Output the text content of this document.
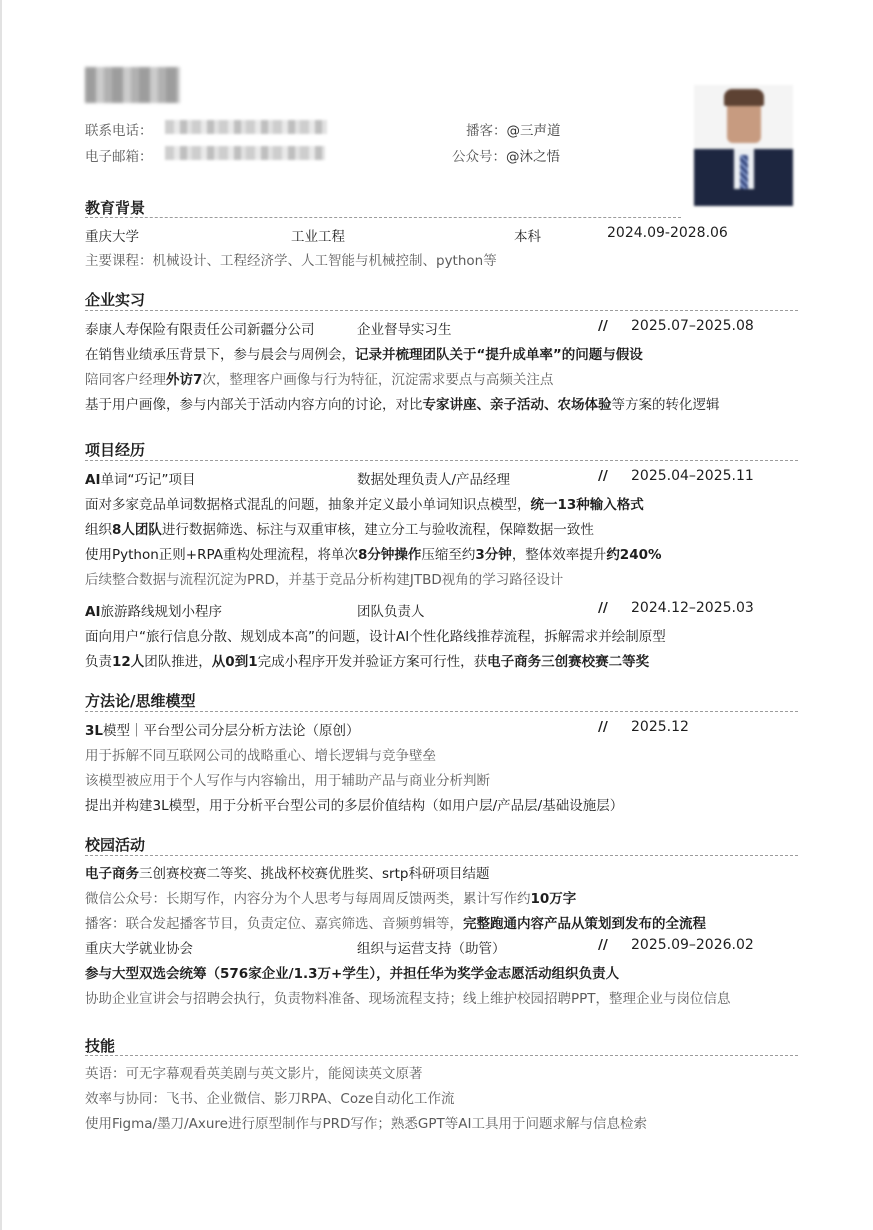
联系电话：
电子邮箱：
播客：@三声道
公众号：@沐之悟
教育背景
重庆大学	工业工程	本科	2024.09-2028.06
主要课程：机械设计、工程经济学、人工智能与机械控制、python等
企业实习
泰康人寿保险有限责任公司新疆分公司	企业督导实习生	// 2025.07–2025.08
在销售业绩承压背景下，参与晨会与周例会，记录并梳理团队关于“提升成单率”的问题与假设
陪同客户经理外访7次，整理客户画像与行为特征，沉淀需求要点与高频关注点
基于用户画像，参与内部关于活动内容方向的讨论，对比专家讲座、亲子活动、农场体验等方案的转化逻辑
项目经历
AI单词“巧记”项目	数据处理负责人/产品经理	// 2025.04–2025.11
面对多家竞品单词数据格式混乱的问题，抽象并定义最小单词知识点模型，统一13种输入格式
组织8人团队进行数据筛选、标注与双重审核，建立分工与验收流程，保障数据一致性
使用Python正则+RPA重构处理流程，将单次8分钟操作压缩至约3分钟，整体效率提升约240%
后续整合数据与流程沉淀为PRD，并基于竞品分析构建JTBD视角的学习路径设计
AI旅游路线规划小程序	团队负责人	// 2024.12–2025.03
面向用户“旅行信息分散、规划成本高”的问题，设计AI个性化路线推荐流程，拆解需求并绘制原型
负责12人团队推进，从0到1完成小程序开发并验证方案可行性，获电子商务三创赛校赛二等奖
方法论/思维模型
3L模型｜平台型公司分层分析方法论（原创）	// 2025.12
用于拆解不同互联网公司的战略重心、增长逻辑与竞争壁垒
该模型被应用于个人写作与内容输出，用于辅助产品与商业分析判断
提出并构建3L模型，用于分析平台型公司的多层价值结构（如用户层/产品层/基础设施层）
校园活动
电子商务三创赛校赛二等奖、挑战杯校赛优胜奖、srtp科研项目结题
微信公众号：长期写作，内容分为个人思考与每周周反馈两类，累计写作约10万字
播客：联合发起播客节目，负责定位、嘉宾筛选、音频剪辑等，完整跑通内容产品从策划到发布的全流程
重庆大学就业协会	组织与运营支持（助管）	// 2025.09–2026.02
参与大型双选会统筹（576家企业/1.3万+学生），并担任华为奖学金志愿活动组织负责人
协助企业宣讲会与招聘会执行，负责物料准备、现场流程支持；线上维护校园招聘PPT，整理企业与岗位信息
技能
英语：可无字幕观看英美剧与英文影片，能阅读英文原著
效率与协同：飞书、企业微信、影刀RPA、Coze自动化工作流
使用Figma/墨刀/Axure进行原型制作与PRD写作；熟悉GPT等AI工具用于问题求解与信息检索
